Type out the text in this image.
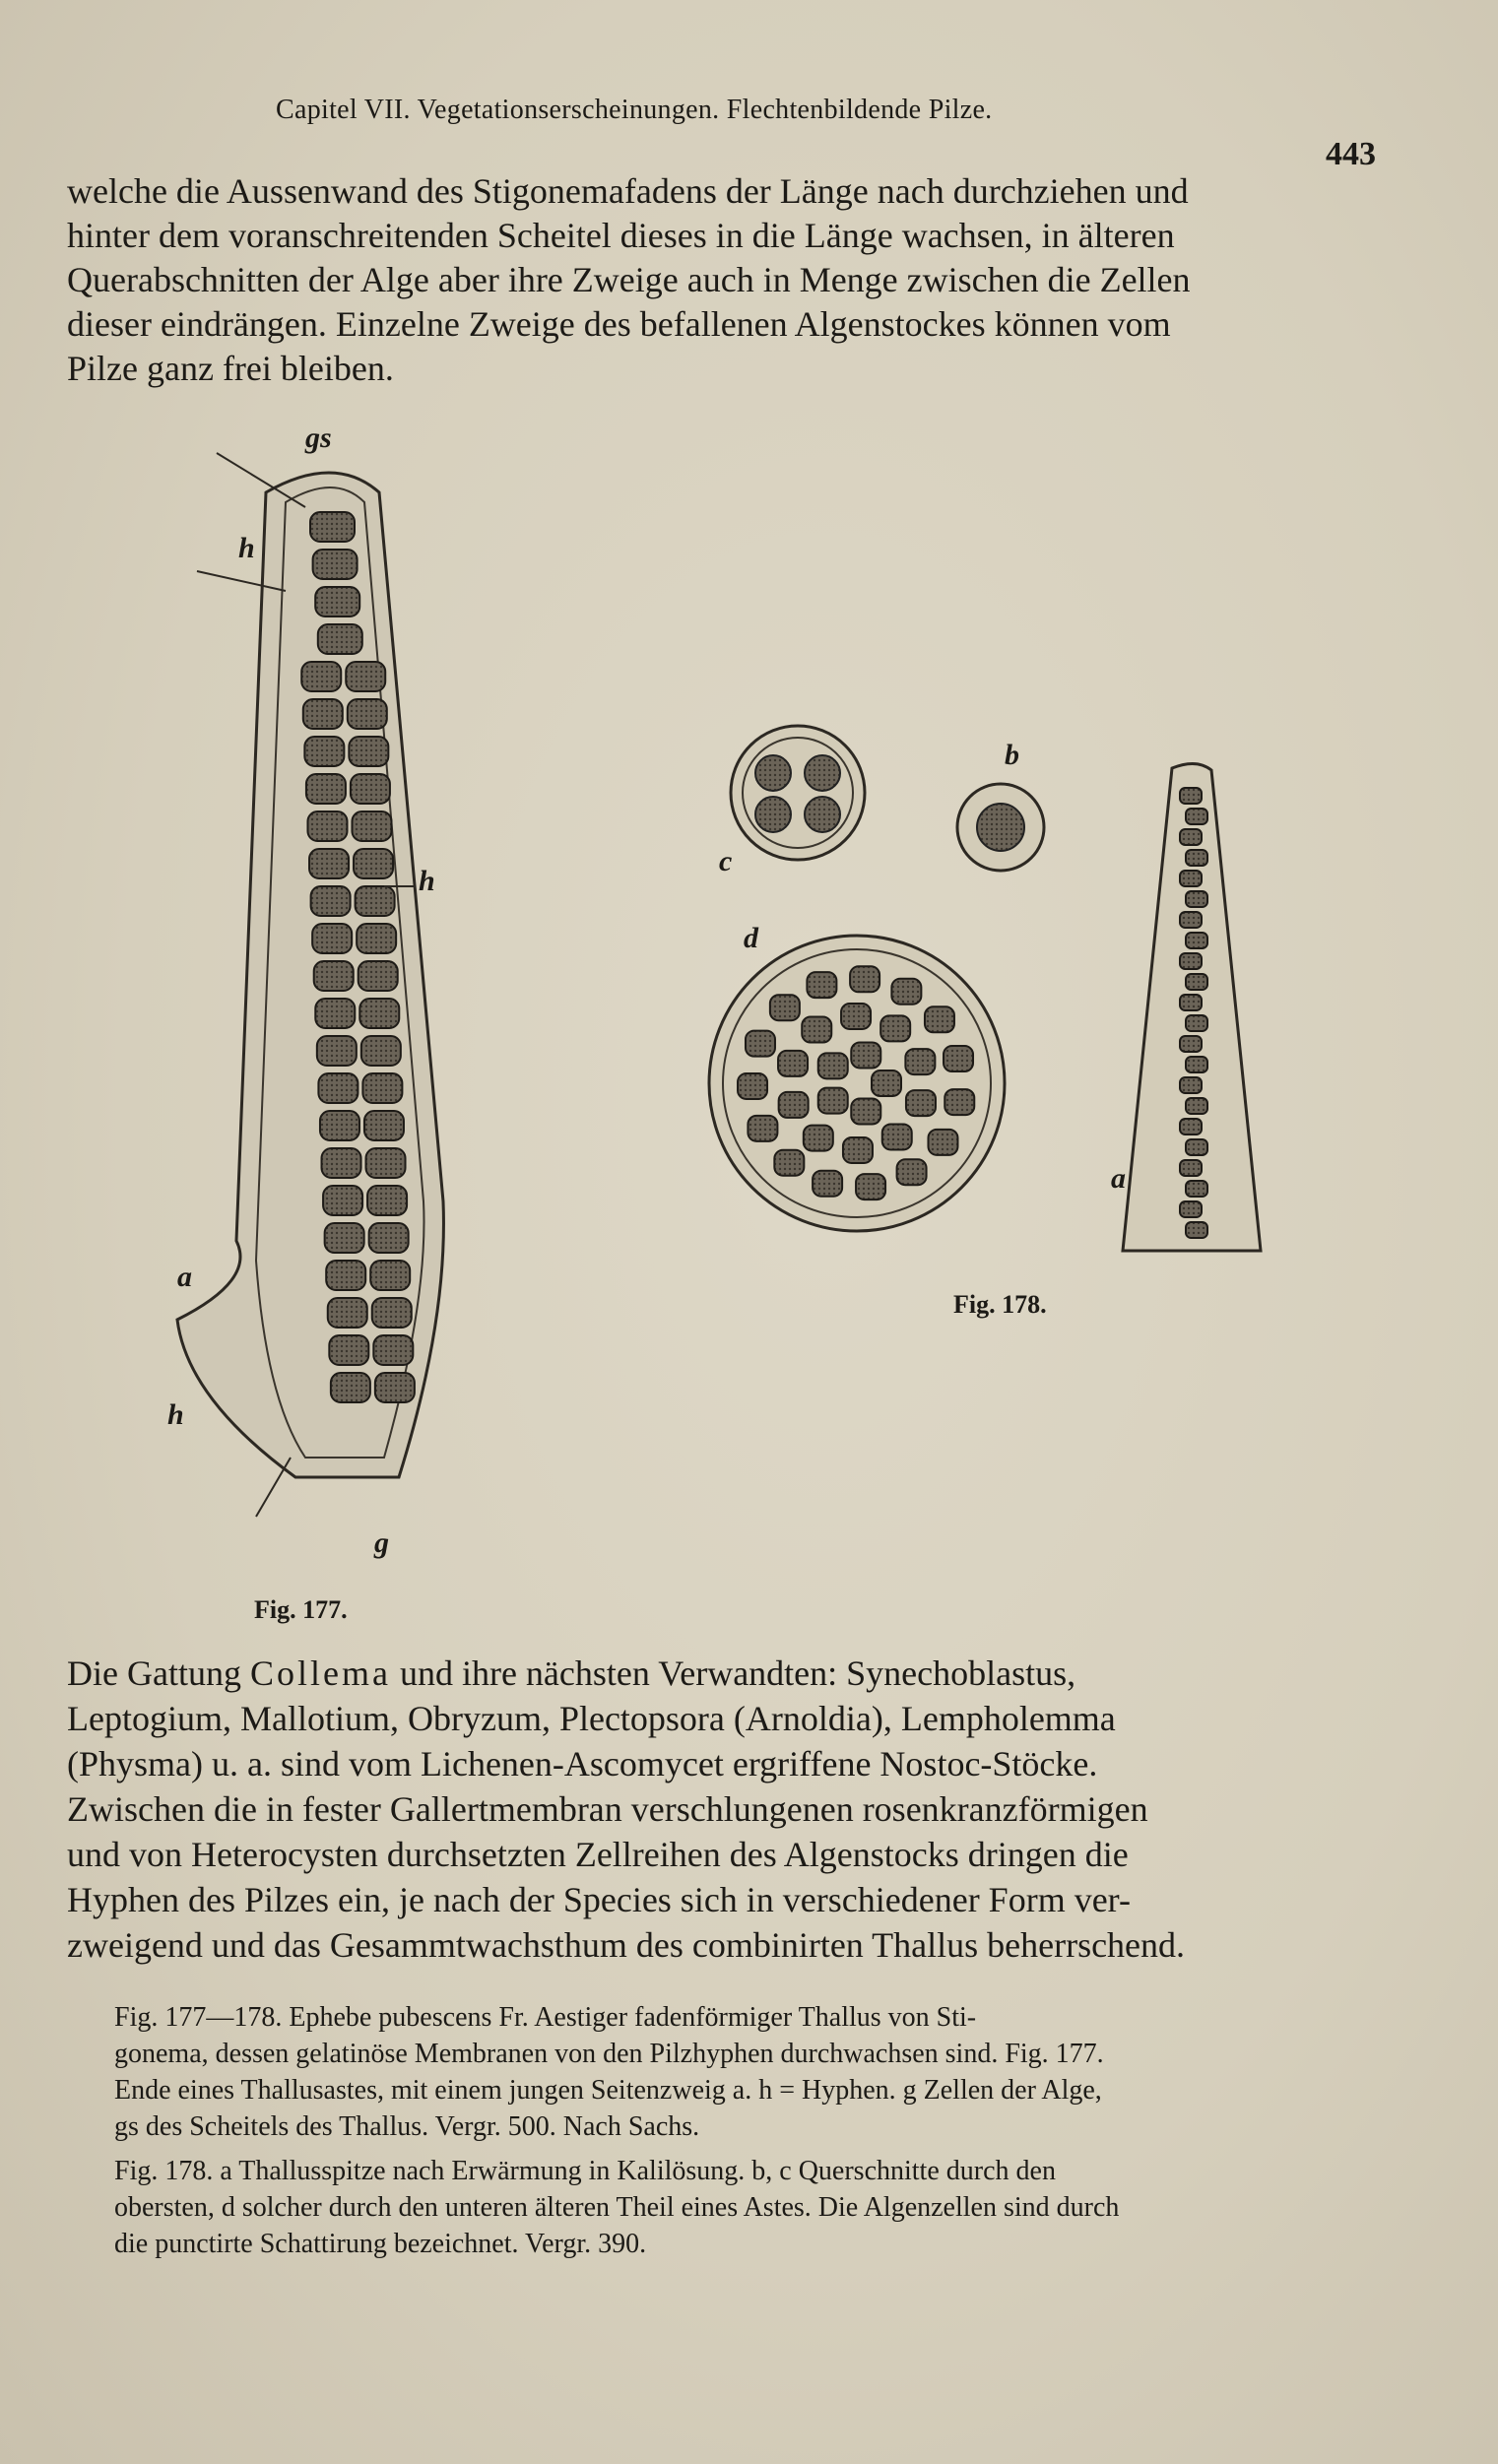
Capitel VII. Vegetationserscheinungen. Flechtenbildende Pilze.
443
welche die Aussenwand des Stigonemafadens der Länge nach durchziehen und
hinter dem voranschreitenden Scheitel dieses in die Länge wachsen, in älteren
Querabschnitten der Alge aber ihre Zweige auch in Menge zwischen die Zellen
dieser eindrängen. Einzelne Zweige des befallenen Algenstockes können vom
Pilze ganz frei bleiben.
gs
h
h
a
h
g
Fig. 177.
c
b
d
a
Fig. 178.
Die Gattung Collema und ihre nächsten Verwandten: Synechoblastus,
Leptogium, Mallotium, Obryzum, Plectopsora (Arnoldia), Lempholemma
(Physma) u. a. sind vom Lichenen-Ascomycet ergriffene Nostoc-Stöcke.
Zwischen die in fester Gallertmembran verschlungenen rosenkranzförmigen
und von Heterocysten durchsetzten Zellreihen des Algenstocks dringen die
Hyphen des Pilzes ein, je nach der Species sich in verschiedener Form ver-
zweigend und das Gesammtwachsthum des combinirten Thallus beherrschend.
Fig. 177—178. Ephebe pubescens Fr. Aestiger fadenförmiger Thallus von Sti-
gonema, dessen gelatinöse Membranen von den Pilzhyphen durchwachsen sind. Fig. 177.
Ende eines Thallusastes, mit einem jungen Seitenzweig a. h = Hyphen. g Zellen der Alge,
gs des Scheitels des Thallus. Vergr. 500. Nach Sachs.
Fig. 178. a Thallusspitze nach Erwärmung in Kalilösung. b, c Querschnitte durch den
obersten, d solcher durch den unteren älteren Theil eines Astes. Die Algenzellen sind durch
die punctirte Schattirung bezeichnet. Vergr. 390.
